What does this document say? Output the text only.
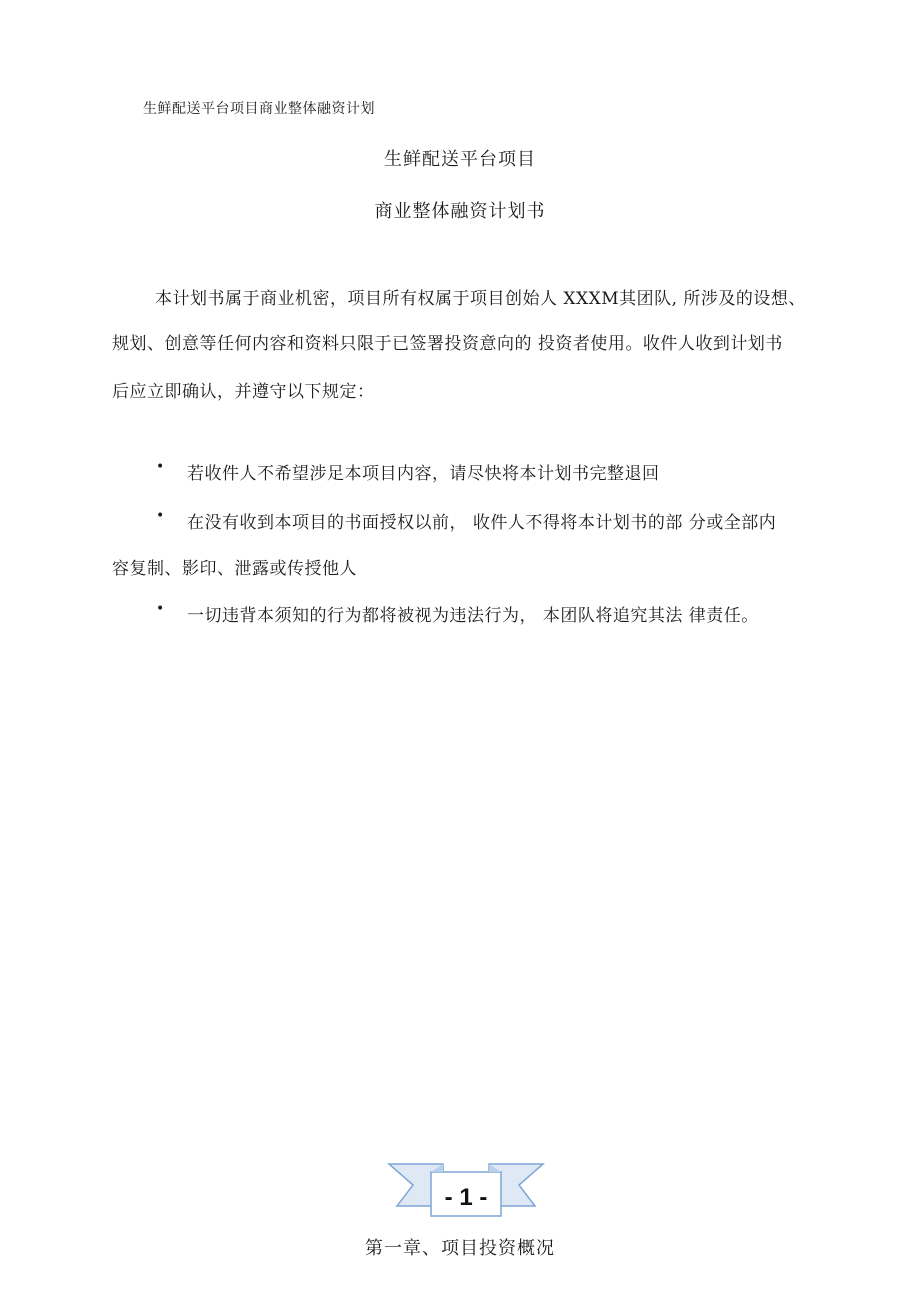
生鲜配送平台项目商业整体融资计划
生鲜配送平台项目
商业整体融资计划书
本计划书属于商业机密，项目所有权属于项目创始人 XXXM其团队, 所涉及的设想、
规划、创意等任何内容和资料只限于已签署投资意向的 投资者使用。收件人收到计划书
后应立即确认，并遵守以下规定：
• 若收件人不希望涉足本项目内容，请尽快将本计划书完整退回
• 在没有收到本项目的书面授权以前， 收件人不得将本计划书的部 分或全部内
容复制、影印、泄露或传授他人
• 一切违背本须知的行为都将被视为违法行为， 本团队将追究其法 律责任。
- 1 -
第一章、项目投资概况
